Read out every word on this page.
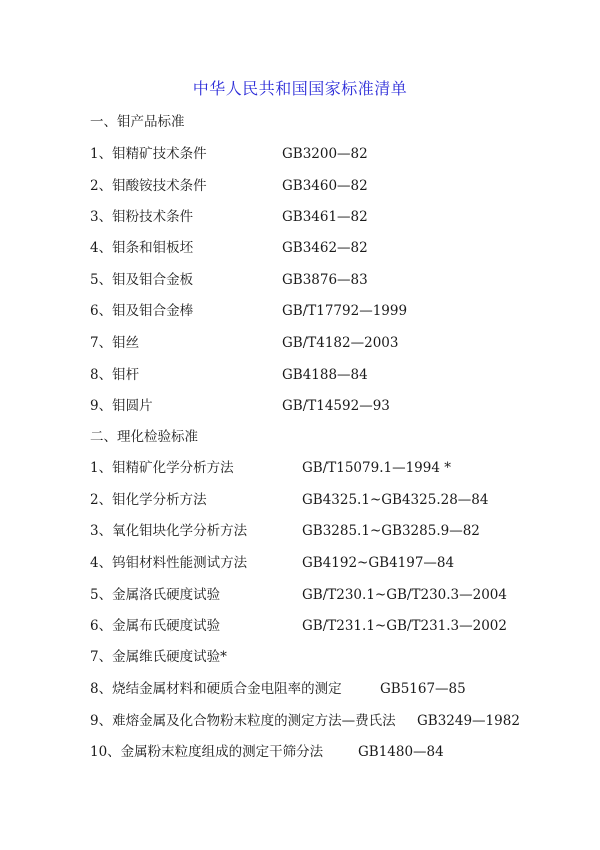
中华人民共和国国家标准清单
一、钼产品标准
1、钼精矿技术条件	GB3200—82
2、钼酸铵技术条件	GB3460—82
3、钼粉技术条件	GB3461—82
4、钼条和钼板坯	GB3462—82
5、钼及钼合金板	GB3876—83
6、钼及钼合金棒	GB/T17792—1999
7、钼丝	GB/T4182—2003
8、钼杆	GB4188—84
9、钼圆片	GB/T14592—93
二、理化检验标准
1、钼精矿化学分析方法	GB/T15079.1—1994 *
2、钼化学分析方法	GB4325.1~GB4325.28—84
3、氧化钼块化学分析方法	GB3285.1~GB3285.9—82
4、钨钼材料性能测试方法	GB4192~GB4197—84
5、金属洛氏硬度试验	GB/T230.1~GB/T230.3—2004
6、金属布氏硬度试验	GB/T231.1~GB/T231.3—2002
7、金属维氏硬度试验*
8、烧结金属材料和硬质合金电阻率的测定	GB5167—85
9、难熔金属及化合物粉末粒度的测定方法—费氏法 GB3249—1982
10、金属粉末粒度组成的测定干筛分法	GB1480—84
